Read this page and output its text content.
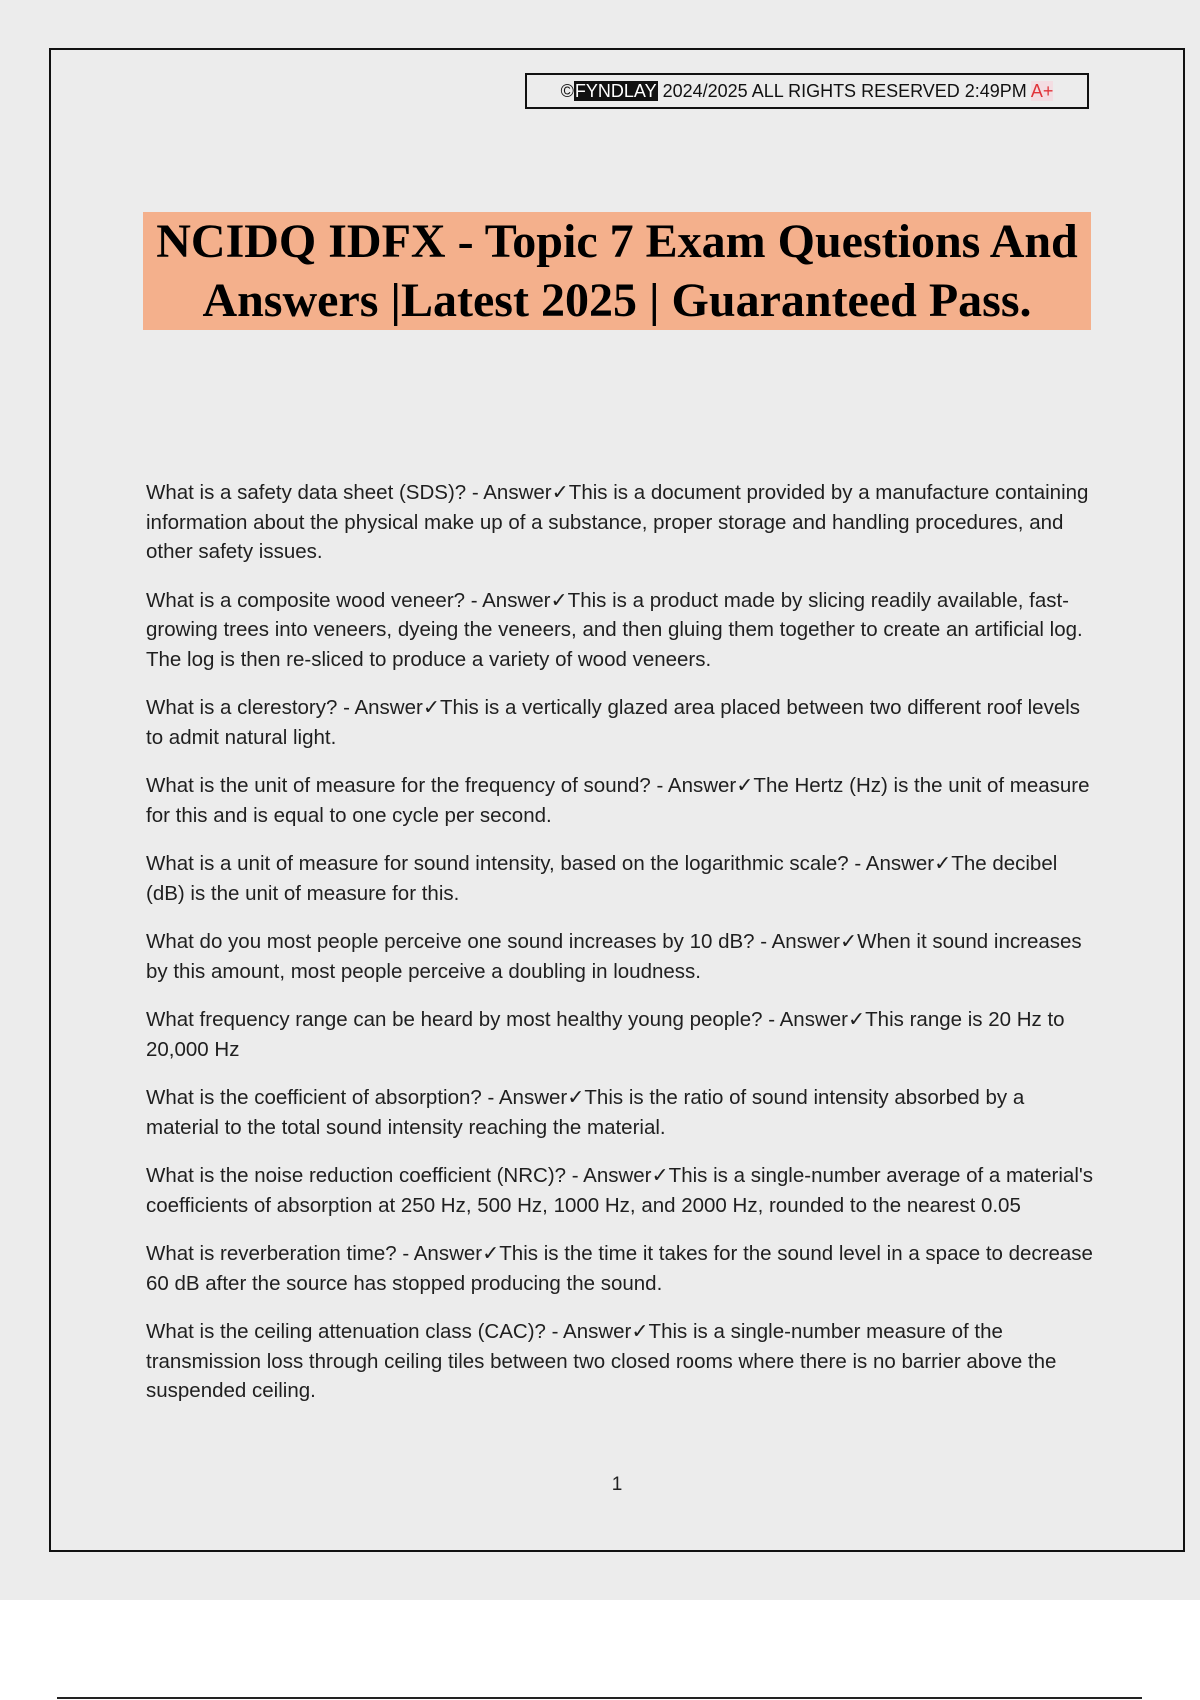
©FYNDLAY 2024/2025 ALL RIGHTS RESERVED 2:49PM A+
NCIDQ IDFX - Topic 7 Exam Questions And
Answers |Latest 2025 | Guaranteed Pass.

What is a safety data sheet (SDS)? - Answer✓This is a document provided by a manufacture containing information about the physical make up of a substance, proper storage and handling procedures, and other safety issues.

What is a composite wood veneer? - Answer✓This is a product made by slicing readily available, fast-growing trees into veneers, dyeing the veneers, and then gluing them together to create an artificial log. The log is then re-sliced to produce a variety of wood veneers.

What is a clerestory? - Answer✓This is a vertically glazed area placed between two different roof levels to admit natural light.

What is the unit of measure for the frequency of sound? - Answer✓The Hertz (Hz) is the unit of measure for this and is equal to one cycle per second.

What is a unit of measure for sound intensity, based on the logarithmic scale? - Answer✓The decibel (dB) is the unit of measure for this.

What do you most people perceive one sound increases by 10 dB? - Answer✓When it sound increases by this amount, most people perceive a doubling in loudness.

What frequency range can be heard by most healthy young people? - Answer✓This range is 20 Hz to 20,000 Hz

What is the coefficient of absorption? - Answer✓This is the ratio of sound intensity absorbed by a material to the total sound intensity reaching the material.

What is the noise reduction coefficient (NRC)? - Answer✓This is a single-number average of a material's coefficients of absorption at 250 Hz, 500 Hz, 1000 Hz, and 2000 Hz, rounded to the nearest 0.05

What is reverberation time? - Answer✓This is the time it takes for the sound level in a space to decrease 60 dB after the source has stopped producing the sound.

What is the ceiling attenuation class (CAC)? - Answer✓This is a single-number measure of the transmission loss through ceiling tiles between two closed rooms where there is no barrier above the suspended ceiling.

1
